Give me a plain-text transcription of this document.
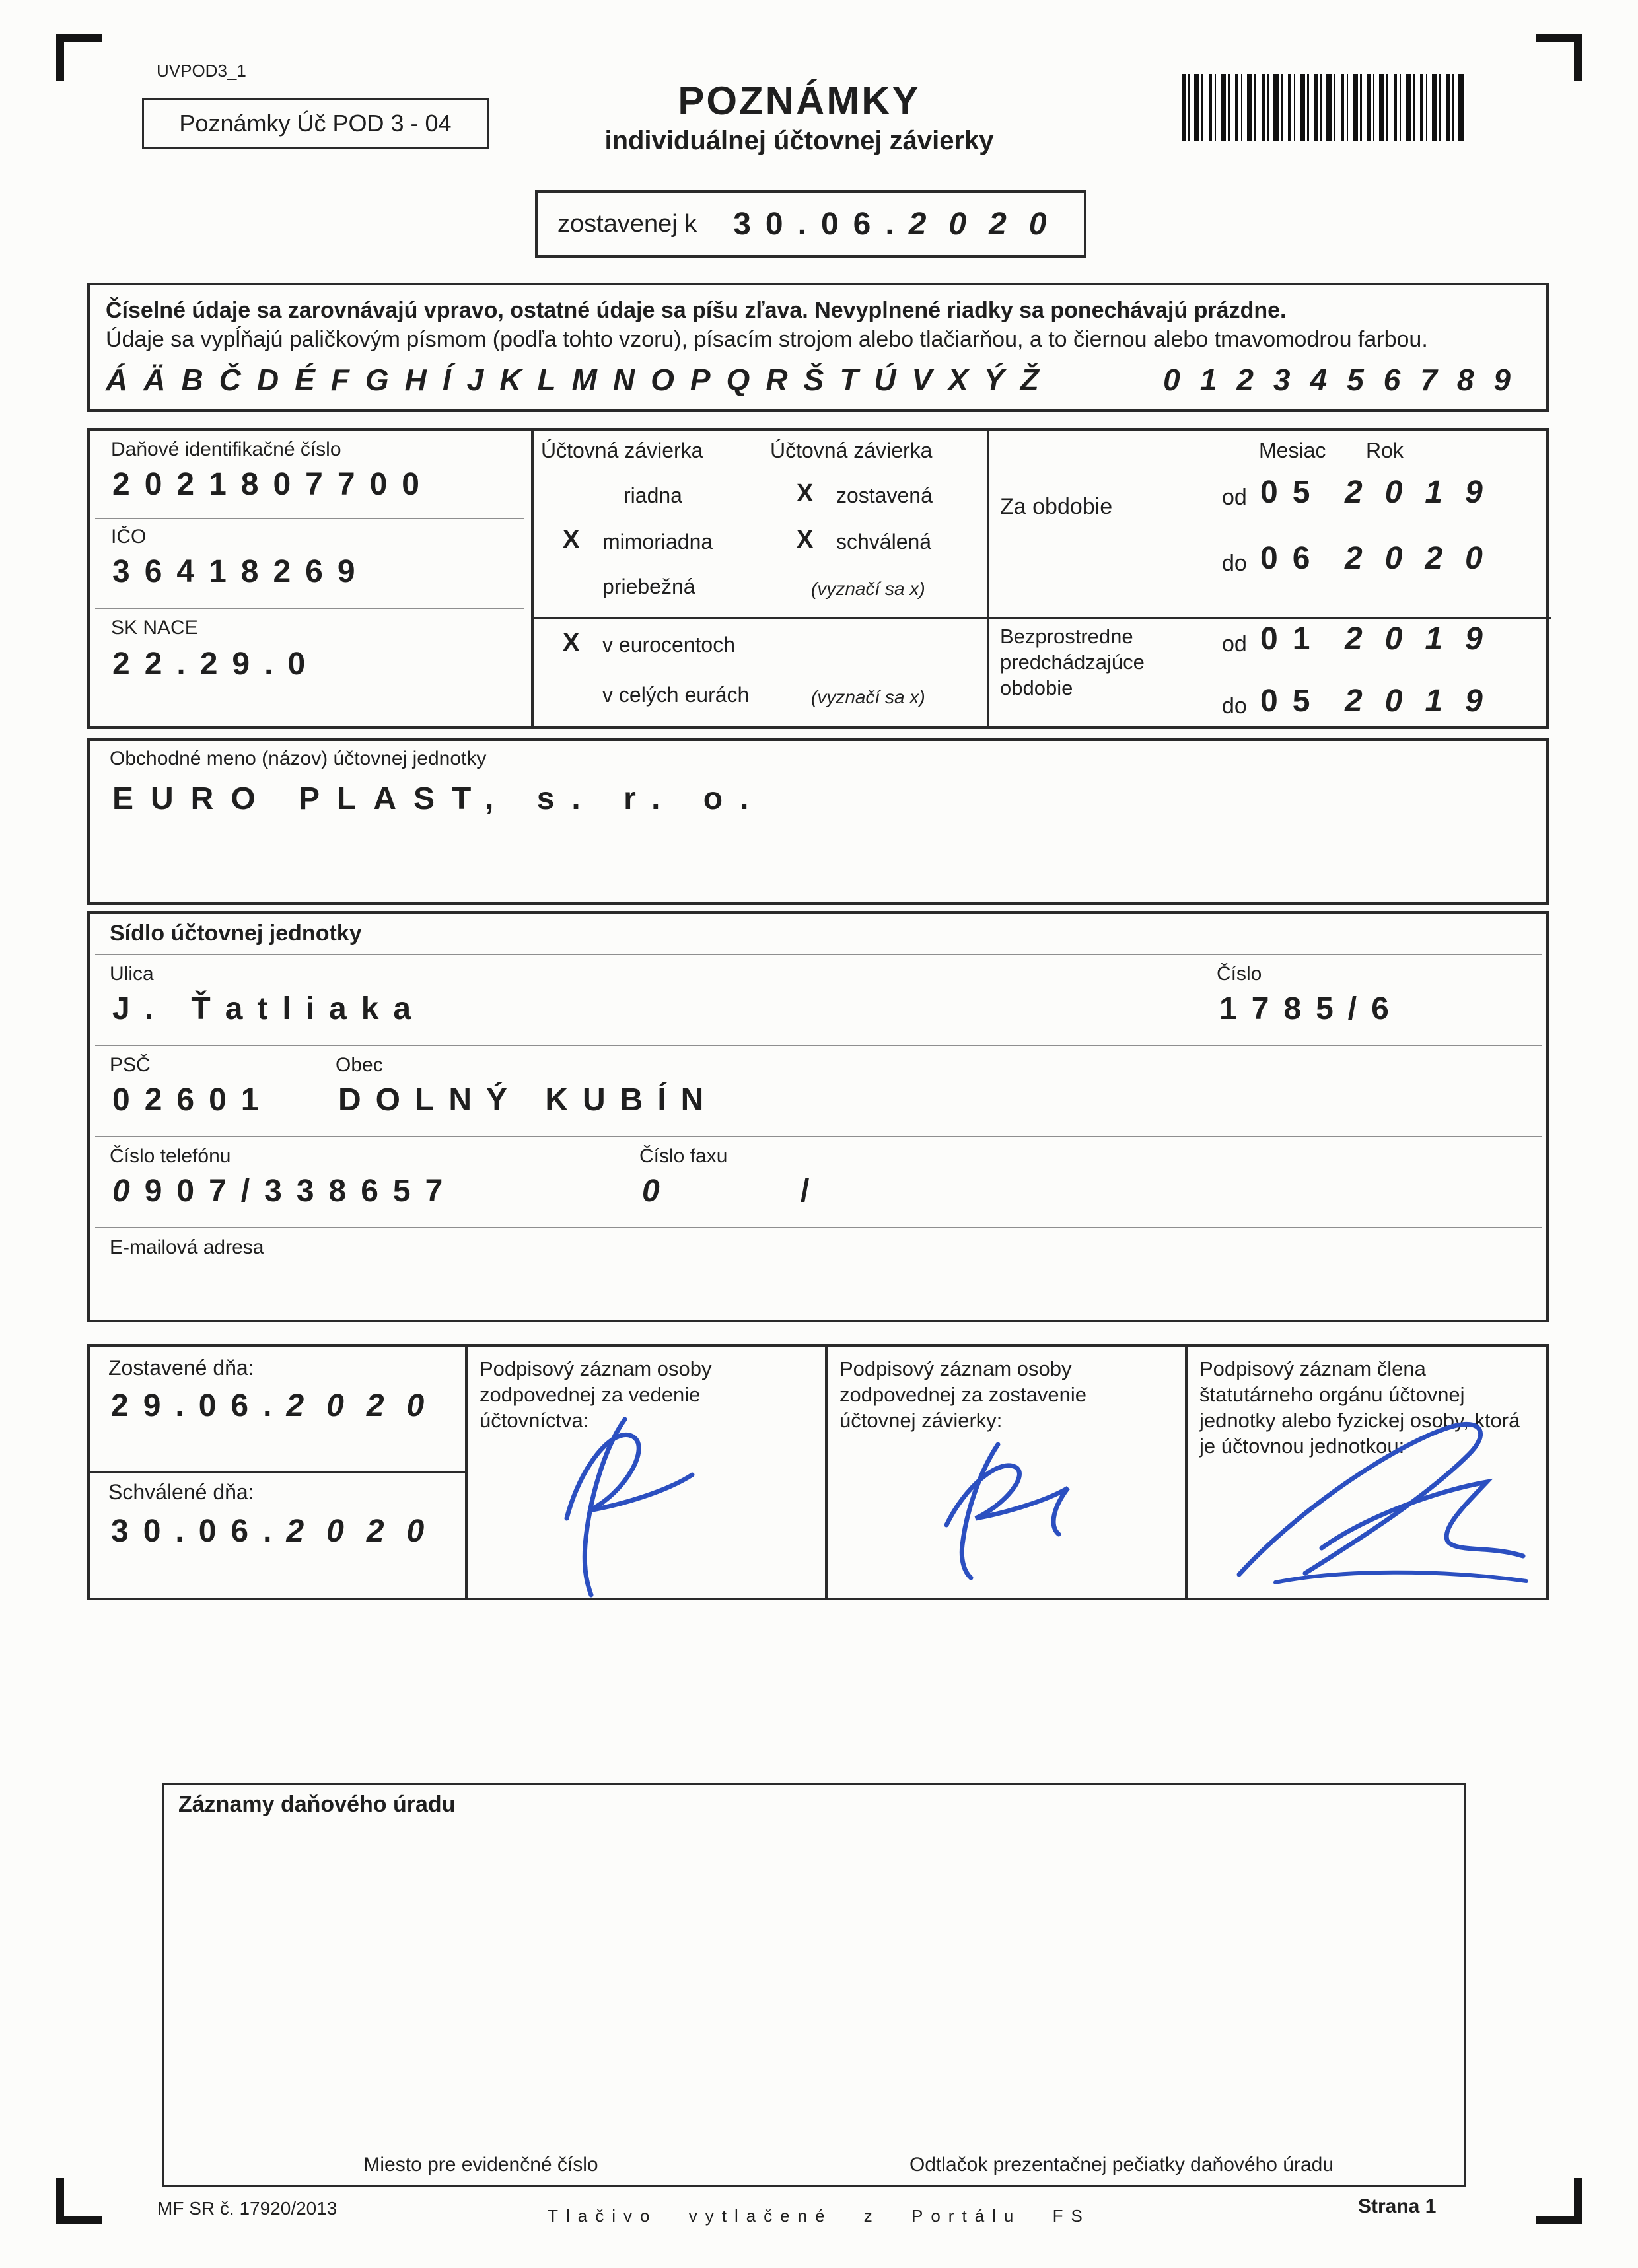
UVPOD3_1
Poznámky Úč POD 3 - 04
POZNÁMKY
individuálnej účtovnej závierky
zostavenej k 30.06.2020
Číselné údaje sa zarovnávajú vpravo, ostatné údaje sa píšu zľava. Nevyplnené riadky sa ponechávajú prázdne.
Údaje sa vypĺňajú paličkovým písmom (podľa tohto vzoru), písacím strojom alebo tlačiarňou, a to čiernou alebo tmavomodrou farbou.
ÁÄBČDÉFGHÍJKLMNOPQRŠTÚVXÝŽ	0123456789
Daňové identifikačné číslo
2021807700
IČO
36418269
SK NACE
22.29.0
Účtovná závierka	Účtovná závierka
riadna	X zostavená
X mimoriadna	X schválená
priebežná	(vyznačí sa x)
X v eurocentoch
v celých eurách	(vyznačí sa x)
Mesiac Rok
Za obdobie	od 05 2019
do 06 2020
Bezprostredne predchádzajúce obdobie
od 01 2019
do 05 2019
Obchodné meno (názov) účtovnej jednotky
EURO PLAST, s. r. o.
Sídlo účtovnej jednotky
Ulica	Číslo
J. Ťatliaka	1785/6
PSČ	Obec
02601 DOLNÝ KUBÍN
Číslo telefónu	Číslo faxu
0907/338657	0	/
E-mailová adresa
Zostavené dňa:
29.06.2020
Schválené dňa:
30.06.2020
Podpisový záznam osoby zodpovednej za vedenie účtovníctva:
Podpisový záznam osoby zodpovednej za zostavenie účtovnej závierky:
Podpisový záznam člena štatutárneho orgánu účtovnej jednotky alebo fyzickej osoby, ktorá je účtovnou jednotkou:
Záznamy daňového úradu
Miesto pre evidenčné číslo	Odtlačok prezentačnej pečiatky daňového úradu
MF SR č. 17920/2013	Tlačivo vytlačené z Portálu FS	Strana 1
